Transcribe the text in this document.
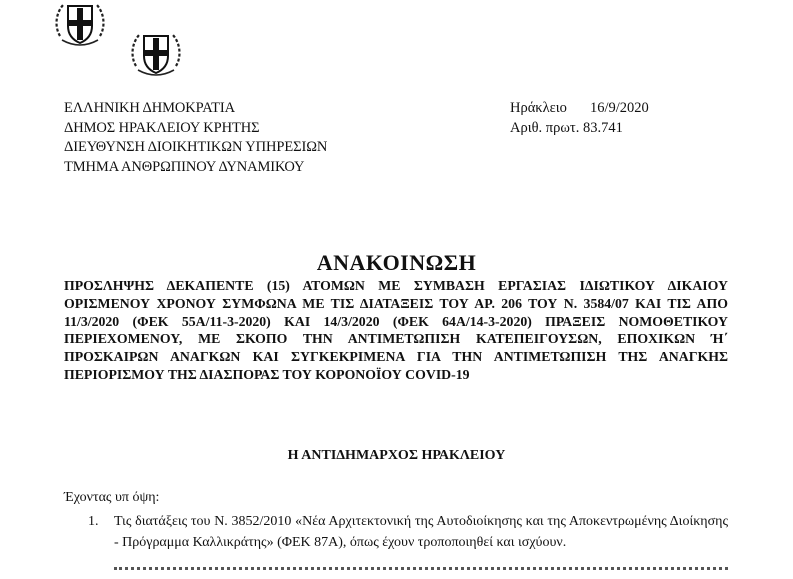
ΕΛΛΗΝΙΚΗ ΔΗΜΟΚΡΑΤΙΑ
ΔΗΜΟΣ ΗΡΑΚΛΕΙΟΥ ΚΡΗΤΗΣ
ΔΙΕΥΘΥΝΣΗ ΔΙΟΙΚΗΤΙΚΩΝ ΥΠΗΡΕΣΙΩΝ
ΤΜΗΜΑ ΑΝΘΡΩΠΙΝΟΥ ΔΥΝΑΜΙΚΟΥ
Ηράκλειο 16/9/2020
Αριθ. πρωτ. 83.741
ΑΝΑΚΟΙΝΩΣΗ
ΠΡΟΣΛΗΨΗΣ ΔΕΚΑΠΕΝΤΕ (15) ΑΤΟΜΩΝ ΜΕ ΣΥΜΒΑΣΗ ΕΡΓΑΣΙΑΣ ΙΔΙΩΤΙΚΟΥ ΔΙΚΑΙΟΥ ΟΡΙΣΜΕΝΟΥ ΧΡΟΝΟΥ ΣΥΜΦΩΝΑ ΜΕ ΤΙΣ ΔΙΑΤΑΞΕΙΣ ΤΟΥ ΑΡ. 206 ΤΟΥ Ν. 3584/07 ΚΑΙ ΤΙΣ ΑΠΟ 11/3/2020 (ΦΕΚ 55Α/11-3-2020) ΚΑΙ 14/3/2020 (ΦΕΚ 64Α/14-3-2020) ΠΡΑΞΕΙΣ ΝΟΜΟΘΕΤΙΚΟΥ ΠΕΡΙΕΧΟΜΕΝΟΥ, ΜΕ ΣΚΟΠΟ ΤΗΝ ΑΝΤΙΜΕΤΩΠΙΣΗ ΚΑΤΕΠΕΙΓΟΥΣΩΝ, ΕΠΟΧΙΚΩΝ Ή΄ ΠΡΟΣΚΑΙΡΩΝ ΑΝΑΓΚΩΝ ΚΑΙ ΣΥΓΚΕΚΡΙΜΕΝΑ ΓΙΑ ΤΗΝ ΑΝΤΙΜΕΤΩΠΙΣΗ ΤΗΣ ΑΝΑΓΚΗΣ ΠΕΡΙΟΡΙΣΜΟΥ ΤΗΣ ΔΙΑΣΠΟΡΑΣ ΤΟΥ ΚΟΡΟΝΟΪΟΥ COVID-19
Η ΑΝΤΙΔΗΜΑΡΧΟΣ ΗΡΑΚΛΕΙΟΥ
Έχοντας υπ όψη:
1. Τις διατάξεις του Ν. 3852/2010 «Νέα Αρχιτεκτονική της Αυτοδιοίκησης και της Αποκεντρωμένης Διοίκησης - Πρόγραμμα Καλλικράτης» (ΦΕΚ 87Α), όπως έχουν τροποποιηθεί και ισχύουν.
